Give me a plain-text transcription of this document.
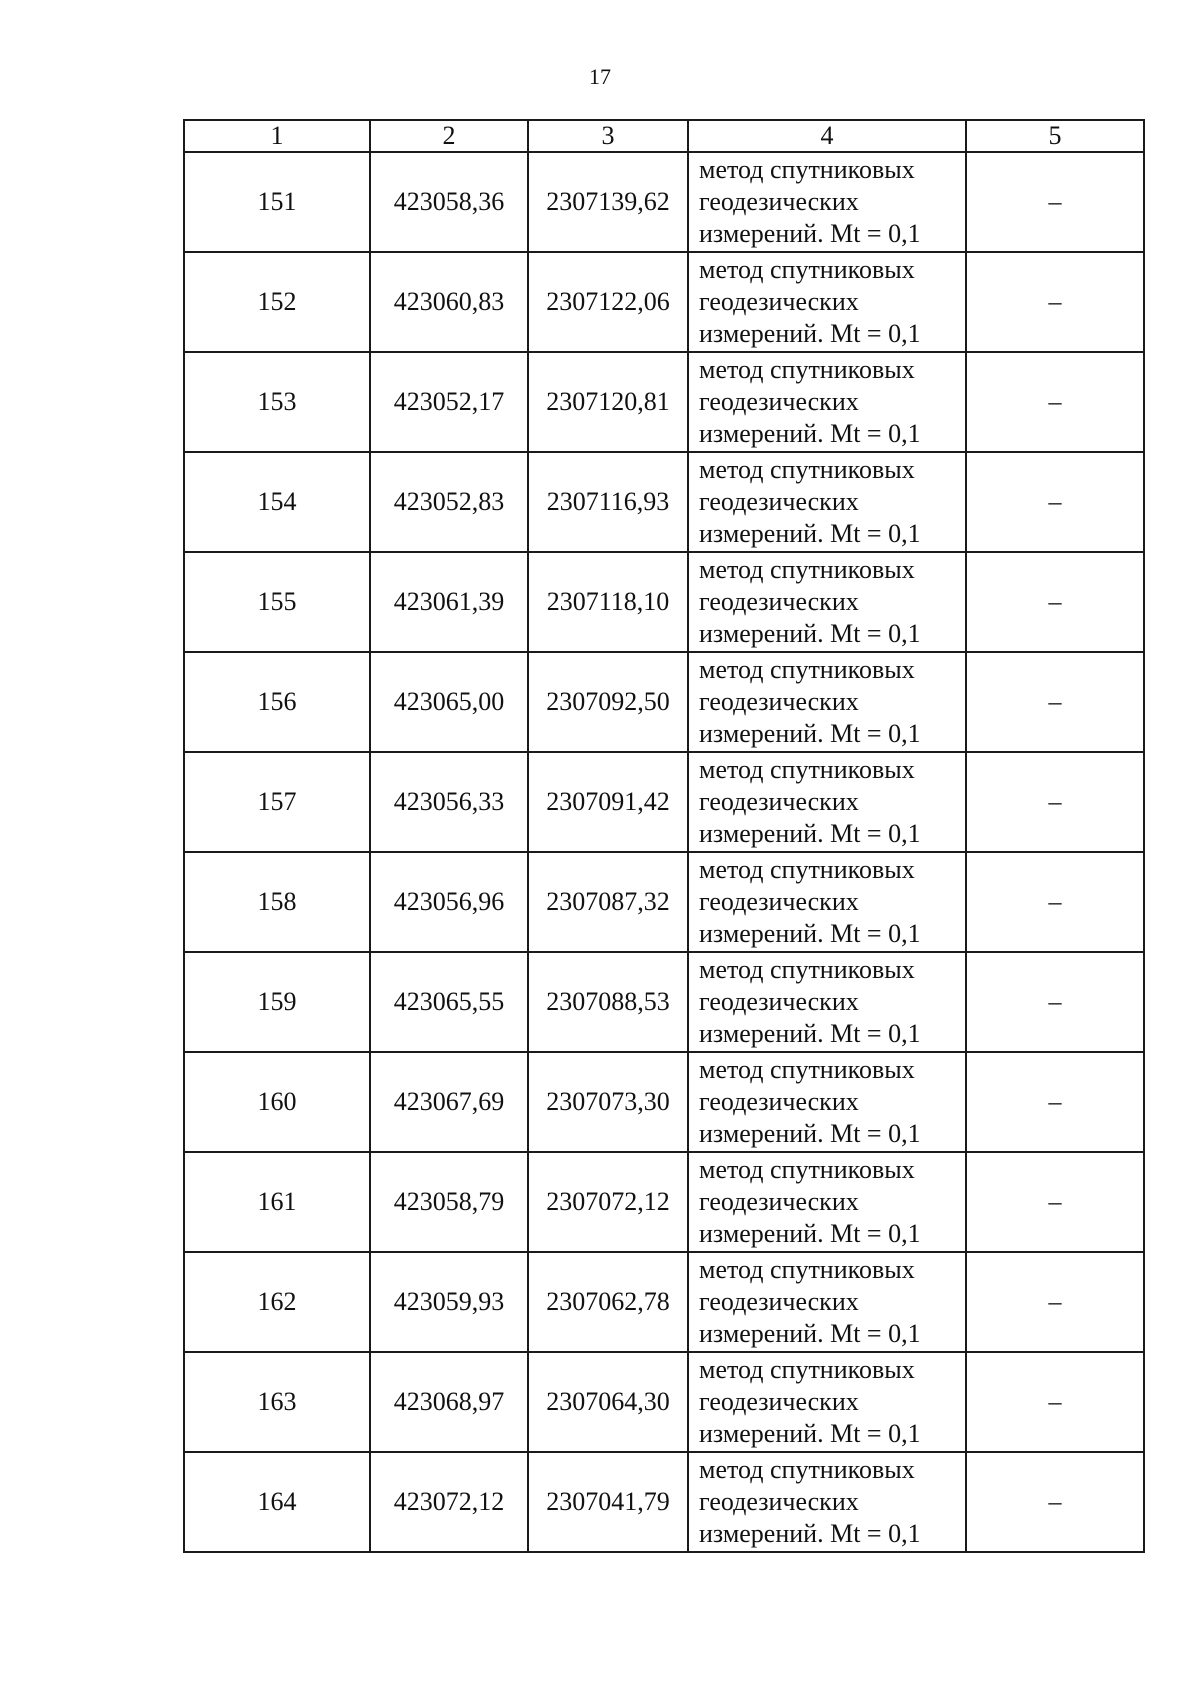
17
1	2	3	4	5
151	423058,36	2307139,62	метод спутниковых
геодезических
измерений. Mt = 0,1	–
152	423060,83	2307122,06	метод спутниковых
геодезических
измерений. Mt = 0,1	–
153	423052,17	2307120,81	метод спутниковых
геодезических
измерений. Mt = 0,1	–
154	423052,83	2307116,93	метод спутниковых
геодезических
измерений. Mt = 0,1	–
155	423061,39	2307118,10	метод спутниковых
геодезических
измерений. Mt = 0,1	–
156	423065,00	2307092,50	метод спутниковых
геодезических
измерений. Mt = 0,1	–
157	423056,33	2307091,42	метод спутниковых
геодезических
измерений. Mt = 0,1	–
158	423056,96	2307087,32	метод спутниковых
геодезических
измерений. Mt = 0,1	–
159	423065,55	2307088,53	метод спутниковых
геодезических
измерений. Mt = 0,1	–
160	423067,69	2307073,30	метод спутниковых
геодезических
измерений. Mt = 0,1	–
161	423058,79	2307072,12	метод спутниковых
геодезических
измерений. Mt = 0,1	–
162	423059,93	2307062,78	метод спутниковых
геодезических
измерений. Mt = 0,1	–
163	423068,97	2307064,30	метод спутниковых
геодезических
измерений. Mt = 0,1	–
164	423072,12	2307041,79	метод спутниковых
геодезических
измерений. Mt = 0,1	–
